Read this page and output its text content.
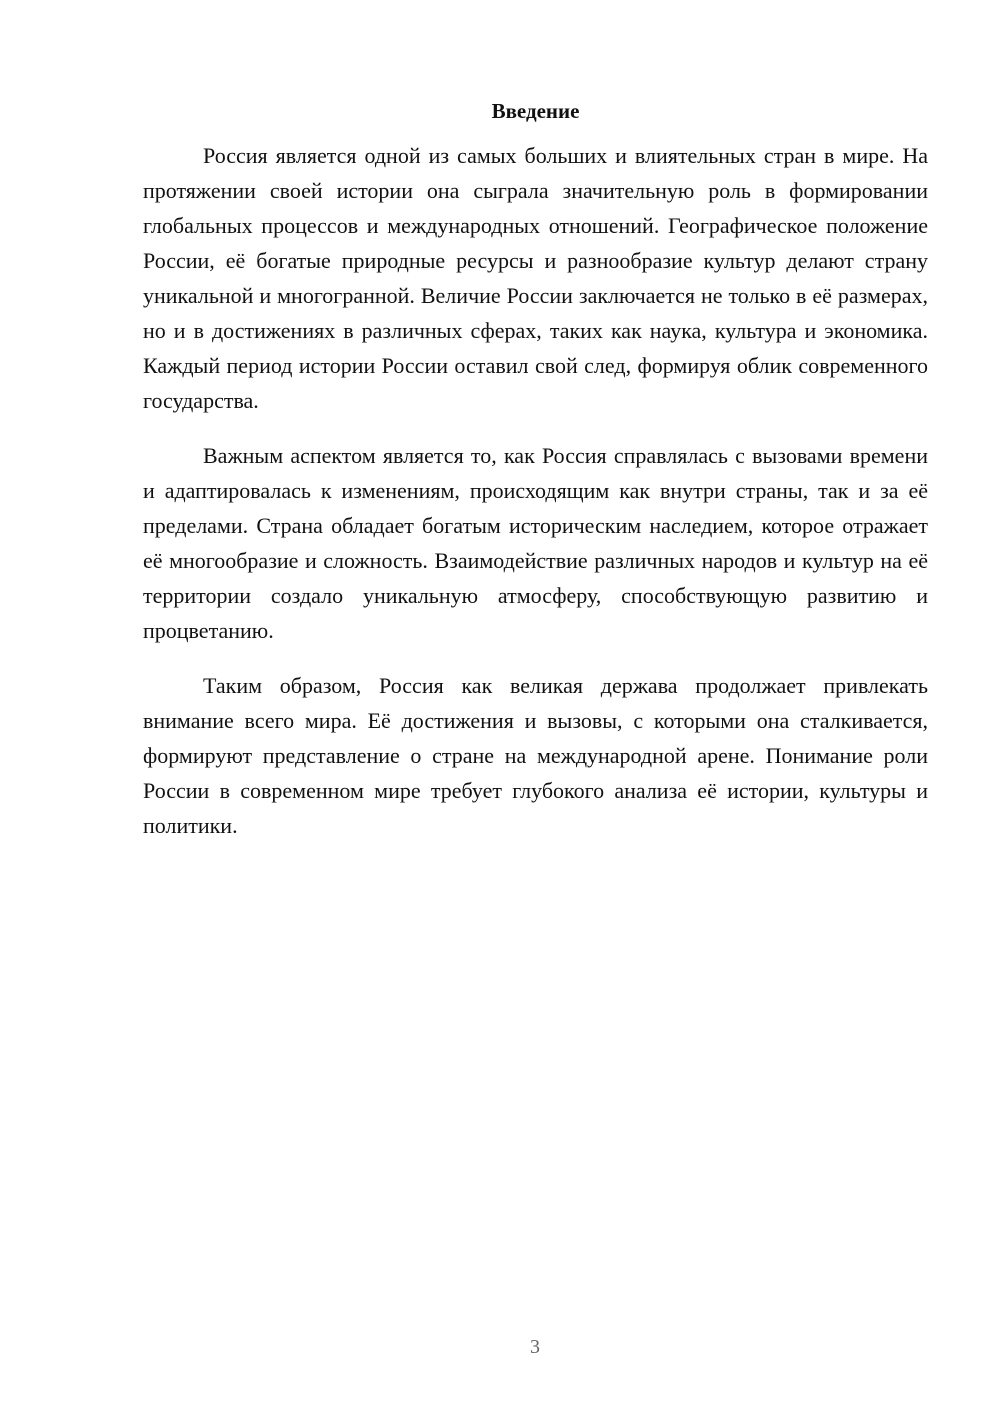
Введение

Россия является одной из самых больших и влиятельных стран в мире. На протяжении своей истории она сыграла значительную роль в формировании глобальных процессов и международных отношений. Географическое положение России, её богатые природные ресурсы и разнообразие культур делают страну уникальной и многогранной. Величие России заключается не только в её размерах, но и в достижениях в различных сферах, таких как наука, культура и экономика. Каждый период истории России оставил свой след, формируя облик современного государства.

Важным аспектом является то, как Россия справлялась с вызовами времени и адаптировалась к изменениям, происходящим как внутри страны, так и за её пределами. Страна обладает богатым историческим наследием, которое отражает её многообразие и сложность. Взаимодействие различных народов и культур на её территории создало уникальную атмосферу, способствующую развитию и процветанию.

Таким образом, Россия как великая держава продолжает привлекать внимание всего мира. Её достижения и вызовы, с которыми она сталкивается, формируют представление о стране на международной арене. Понимание роли России в современном мире требует глубокого анализа её истории, культуры и политики.

3
